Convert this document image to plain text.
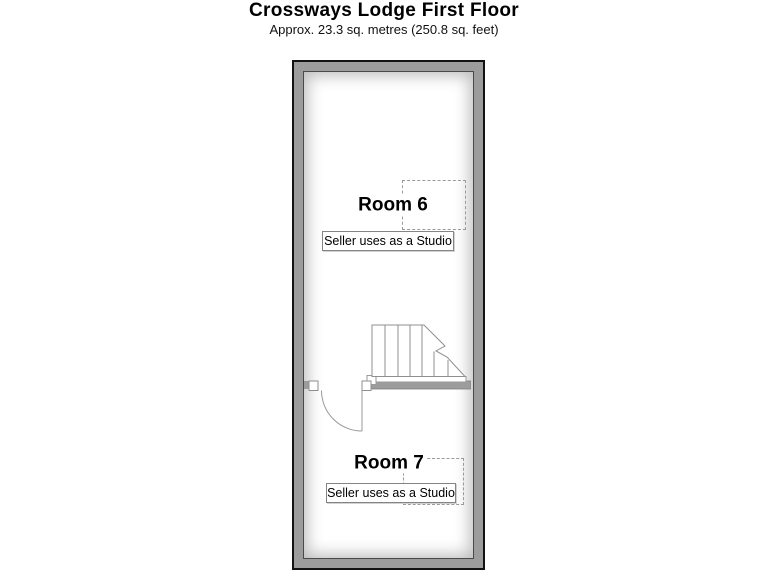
Crossways Lodge First Floor
Approx. 23.3 sq. metres (250.8 sq. feet)
Room 6
Seller uses as a Studio
Room 7
Seller uses as a Studio
